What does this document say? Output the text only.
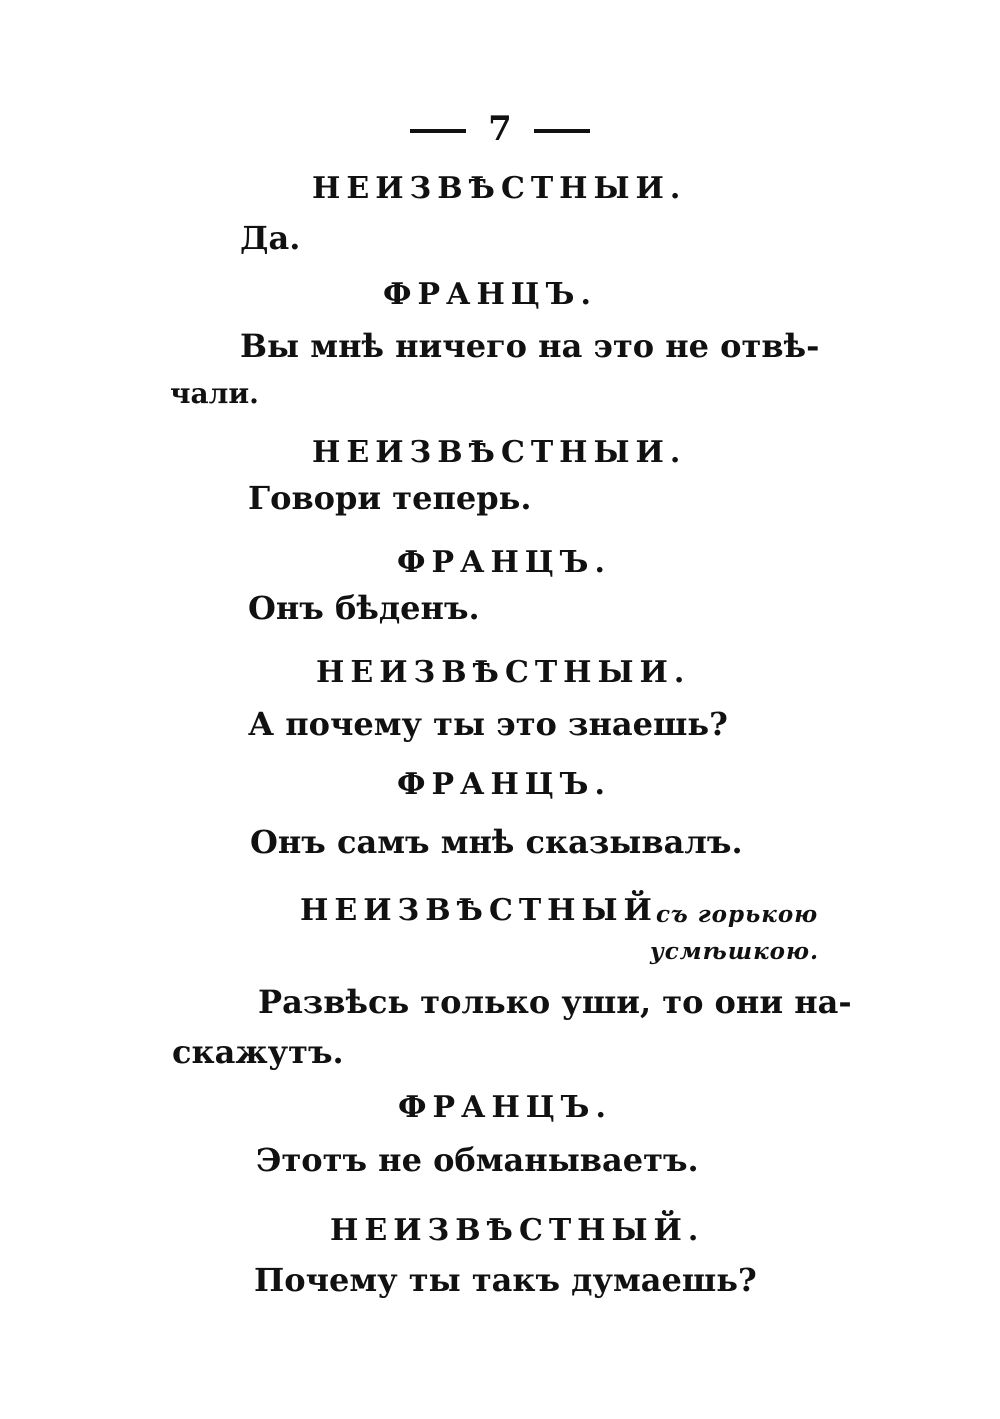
7
НЕИЗВѢСТНЫИ.
Да.
ФРАНЦЪ.
Вы мнѣ ничего на это не отвѣ-
чали.
НЕИЗВѢСТНЫИ.
Говори теперь.
ФРАНЦЪ.
Онъ бѣденъ.
НЕИЗВѢСТНЫИ.
А почему ты это знаешь?
ФРАНЦЪ.
Онъ самъ мнѣ сказывалъ.
НЕИЗВѢСТНЫЙ
съ горькою
усмѣшкою.
Развѣсь только уши, то они на-
скажутъ.
ФРАНЦЪ.
Этотъ не обманываетъ.
НЕИЗВѢСТНЫЙ.
Почему ты такъ думаешь?
